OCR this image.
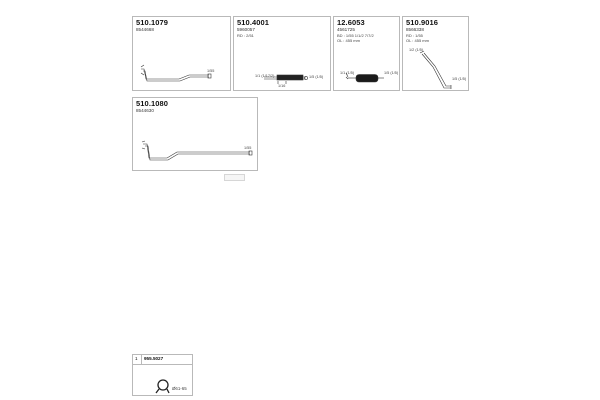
510.1079
8544668
1/55
510.4001
5960057
RD : 2/51
1/1 (1/17/2)	1/5 (1/5)
1/16
12.6053
4561725
BD : 1/55 1/1/2 7/7/2
OL : 455 mm
1/1 (1/5)	1/5 (1/5)
510.9016
8566338
RD : 1/55
OL : 455 mm
1/2 (1/5)
1/5 (1/5)
510.1080
8544630
1/55
1 955.5027
Ø61-65
